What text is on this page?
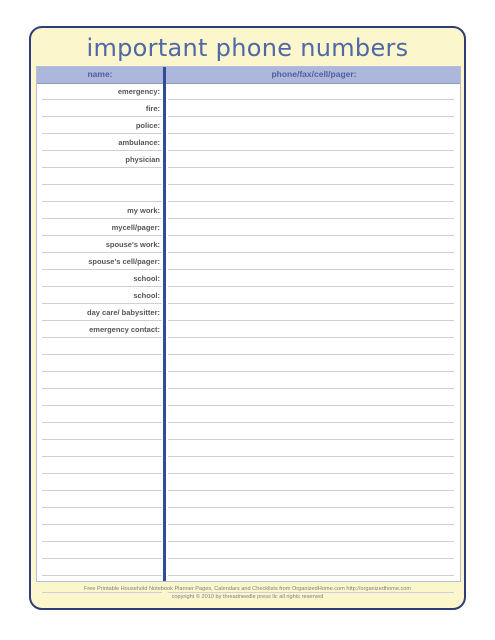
important phone numbers
name:	phone/fax/cell/pager:
emergency:
fire:
police:
ambulance:
physician
my work:
mycell/pager:
spouse's work:
spouse's cell/pager:
school:
school:
day care/ babysitter:
emergency contact:
Free Printable Household Notebook Planner Pages, Calendars and Checklists from OrganizedHome.com http://organizedhome.com
copyright © 2010 by threadneedle press llc all rights reserved
